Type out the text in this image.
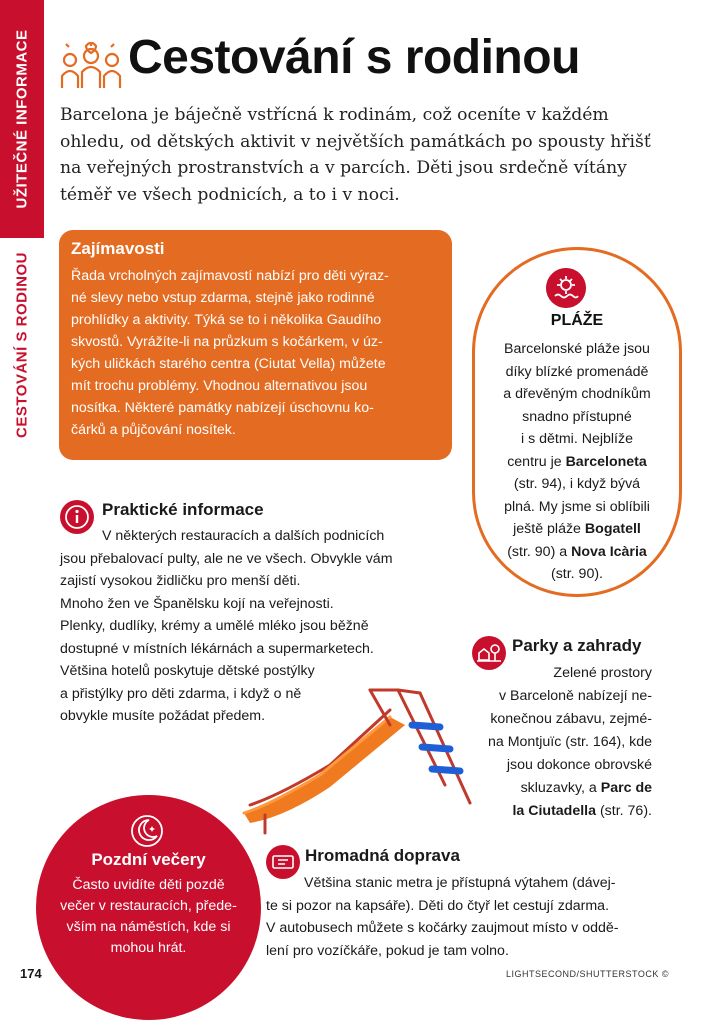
UŽITEČNÉ INFORMACE
CESTOVÁNÍ S RODINOU
Cestování s rodinou
Barcelona je báječně vstřícná k rodinám, což oceníte v každém ohledu, od dětských aktivit v největších památkách po spousty hřišť na veřejných prostranstvích a v parcích. Děti jsou srdečně vítány téměř ve všech podnicích, a to i v noci.
Zajímavosti

Řada vrcholných zajímavostí nabízí pro děti výraz-
né slevy nebo vstup zdarma, stejně jako rodinné
prohlídky a aktivity. Týká se to i několika Gaudího
skvostů. Vyrážíte-li na průzkum s kočárkem, v úz-
kých uličkách starého centra (Ciutat Vella) můžete
mít trochu problémy. Vhodnou alternativou jsou
nosítka. Některé památky nabízejí úschovnu ko-
čárků a půjčování nosítek.

PLÁŽE

Barcelonské pláže jsou
díky blízké promenádě
a dřevěným chodníkům
snadno přístupné
i s dětmi. Nejblíže
centru je Barceloneta
(str. 94), i když bývá
plná. My jsme si oblíbili
ještě pláže Bogatell
(str. 90) a Nova Icària
(str. 90).

Praktické informace

V některých restauracích a dalších podnicích
jsou přebalovací pulty, ale ne ve všech. Obvykle vám
zajistí vysokou židličku pro menší děti.
Mnoho žen ve Španělsku kojí na veřejnosti.
Plenky, dudlíky, krémy a umělé mléko jsou běžně
dostupné v místních lékárnách a supermarketech.
Většina hotelů poskytuje dětské postýlky
a přistýlky pro děti zdarma, i když o ně
obvykle musíte požádat předem.

Parky a zahrady

Zelené prostory
v Barceloně nabízejí ne-
konečnou zábavu, zejmé-
na Montjuïc (str. 164), kde
jsou dokonce obrovské
skluzavky, a Parc de
la Ciutadella (str. 76).

Pozdní večery

Často uvidíte děti pozdě
večer v restauracích, přede-
vším na náměstích, kde si
mohou hrát.

Hromadná doprava

Většina stanic metra je přístupná výtahem (dávej-
te si pozor na kapsáře). Děti do čtyř let cestují zdarma.
V autobusech můžete s kočárky zaujmout místo v oddě-
lení pro vozíčkáře, pokud je tam volno.

174	LIGHTSECOND/SHUTTERSTOCK ©
